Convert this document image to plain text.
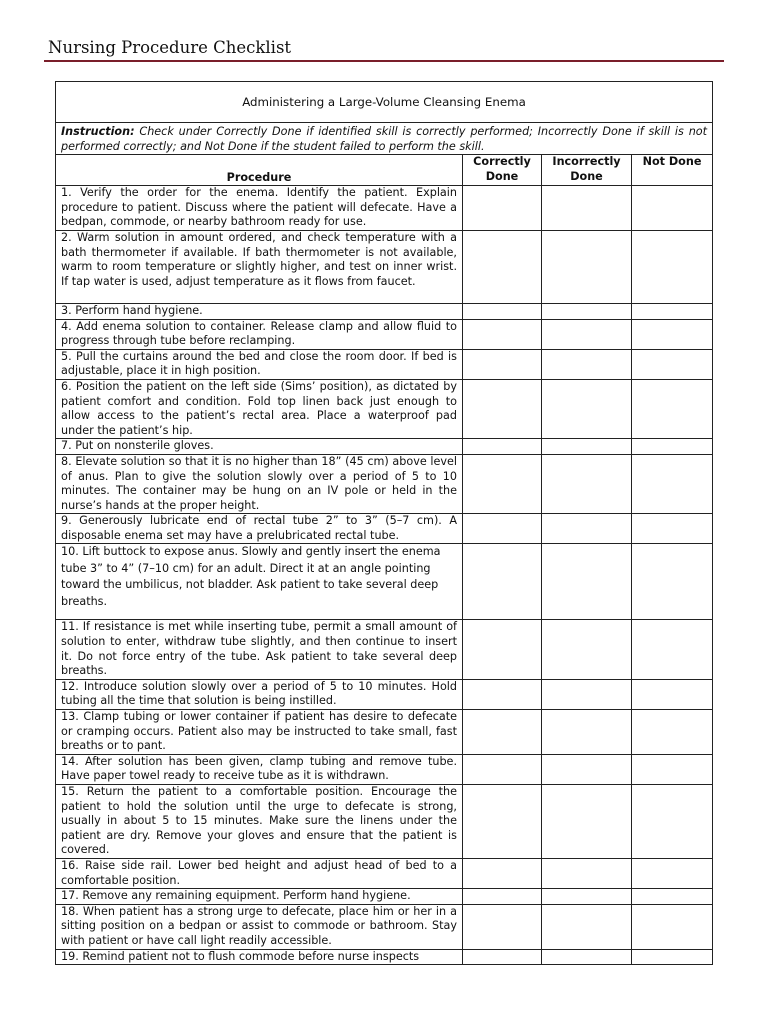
Nursing Procedure Checklist
Administering a Large-Volume Cleansing Enema			
Instruction: Check under Correctly Done if identified skill is correctly performed; Incorrectly Done if skill is not performed correctly; and Not Done if the student failed to perform the skill.			
Procedure	Correctly Done	Incorrectly Done	Not Done
1. Verify the order for the enema. Identify the patient. Explain procedure to patient. Discuss where the patient will defecate. Have a bedpan, commode, or nearby bathroom ready for use.			
2. Warm solution in amount ordered, and check temperature with a bath thermometer if available. If bath thermometer is not available, warm to room temperature or slightly higher, and test on inner wrist. If tap water is used, adjust temperature as it flows from faucet.			
3. Perform hand hygiene.			
4. Add enema solution to container. Release clamp and allow fluid to progress through tube before reclamping.			
5. Pull the curtains around the bed and close the room door. If bed is adjustable, place it in high position.			
6. Position the patient on the left side (Sims’ position), as dictated by patient comfort and condition. Fold top linen back just enough to allow access to the patient’s rectal area. Place a waterproof pad under the patient’s hip.			
7. Put on nonsterile gloves.			
8. Elevate solution so that it is no higher than 18” (45 cm) above level of anus. Plan to give the solution slowly over a period of 5 to 10 minutes. The container may be hung on an IV pole or held in the nurse’s hands at the proper height.			
9. Generously lubricate end of rectal tube 2” to 3” (5–7 cm). A disposable enema set may have a prelubricated rectal tube.			
10. Lift buttock to expose anus. Slowly and gently insert the enema tube 3” to 4” (7–10 cm) for an adult. Direct it at an angle pointing toward the umbilicus, not bladder. Ask patient to take several deep breaths.			
11. If resistance is met while inserting tube, permit a small amount of solution to enter, withdraw tube slightly, and then continue to insert it. Do not force entry of the tube. Ask patient to take several deep breaths.			
12. Introduce solution slowly over a period of 5 to 10 minutes. Hold tubing all the time that solution is being instilled.			
13. Clamp tubing or lower container if patient has desire to defecate or cramping occurs. Patient also may be instructed to take small, fast breaths or to pant.			
14. After solution has been given, clamp tubing and remove tube. Have paper towel ready to receive tube as it is withdrawn.			
15. Return the patient to a comfortable position. Encourage the patient to hold the solution until the urge to defecate is strong, usually in about 5 to 15 minutes. Make sure the linens under the patient are dry. Remove your gloves and ensure that the patient is covered.			
16. Raise side rail. Lower bed height and adjust head of bed to a comfortable position.			
17. Remove any remaining equipment. Perform hand hygiene.			
18. When patient has a strong urge to defecate, place him or her in a sitting position on a bedpan or assist to commode or bathroom. Stay with patient or have call light readily accessible.			
19. Remind patient not to flush commode before nurse inspects			
